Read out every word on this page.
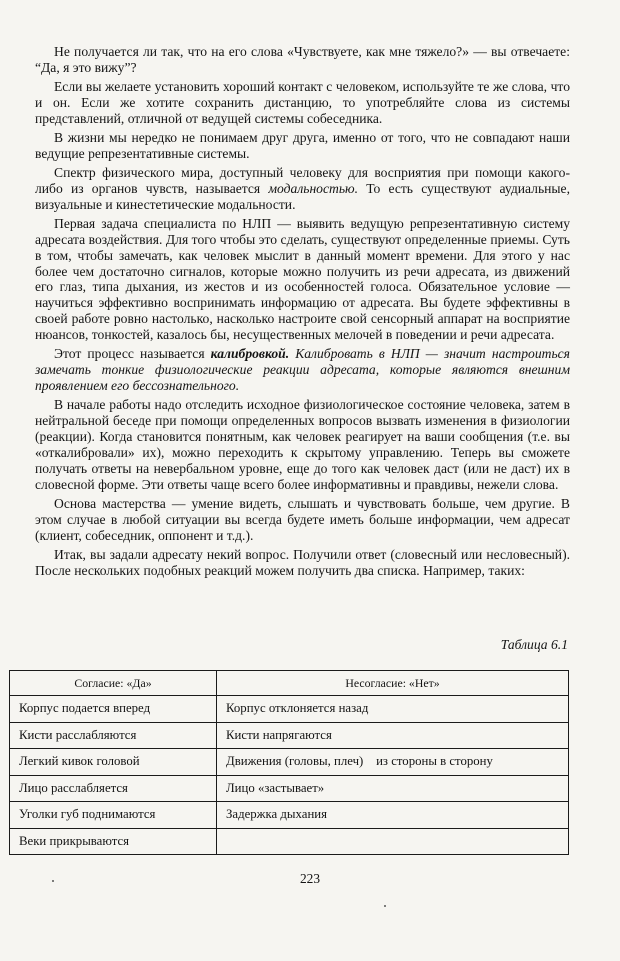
Не получается ли так, что на его слова «Чувствуете, как мне тяжело?» — вы отвечаете: “Да, я это вижу”?

Если вы желаете установить хороший контакт с человеком, используйте те же слова, что и он. Если же хотите сохранить дистанцию, то употребляйте слова из системы представлений, отличной от ведущей системы собеседника.

В жизни мы нередко не понимаем друг друга, именно от того, что не совпадают наши ведущие репрезентативные системы.

Спектр физического мира, доступный человеку для восприятия при помощи какого-либо из органов чувств, называется модальностью. То есть существуют аудиальные, визуальные и кинестетические модальности.

Первая задача специалиста по НЛП — выявить ведущую репрезентативную систему адресата воздействия. Для того чтобы это сделать, существуют определенные приемы. Суть в том, чтобы замечать, как человек мыслит в данный момент времени. Для этого у нас более чем достаточно сигналов, которые можно получить из речи адресата, из движений его глаз, типа дыхания, из жестов и из особенностей голоса. Обязательное условие — научиться эффективно воспринимать информацию от адресата. Вы будете эффективны в своей работе ровно настолько, насколько настроите свой сенсорный аппарат на восприятие нюансов, тонкостей, казалось бы, несущественных мелочей в поведении и речи адресата.

Этот процесс называется калибровкой. Калибровать в НЛП — значит настроиться замечать тонкие физиологические реакции адресата, которые являются внешним проявлением его бессознательного.

В начале работы надо отследить исходное физиологическое состояние человека, затем в нейтральной беседе при помощи определенных вопросов вызвать изменения в физиологии (реакции). Когда становится понятным, как человек реагирует на ваши сообщения (т.е. вы «откалибровали» их), можно переходить к скрытому управлению. Теперь вы сможете получать ответы на невербальном уровне, еще до того как человек даст (или не даст) их в словесной форме. Эти ответы чаще всего более информативны и правдивы, нежели слова.

Основа мастерства — умение видеть, слышать и чувствовать больше, чем другие. В этом случае в любой ситуации вы всегда будете иметь больше информации, чем адресат (клиент, собеседник, оппонент и т.д.).

Итак, вы задали адресату некий вопрос. Получили ответ (словесный или несловесный). После нескольких подобных реакций можем получить два списка. Например, таких:

Таблица 6.1
Согласие: «Да»	Несогласие: «Нет»
Корпус подается вперед	Корпус отклоняется назад
Кисти расслабляются	Кисти напрягаются
Легкий кивок головой	Движения (головы, плеч)    из стороны в сторону
Лицо расслабляется	Лицо «застывает»
Уголки губ поднимаются	Задержка дыхания
Веки прикрываются	
223
